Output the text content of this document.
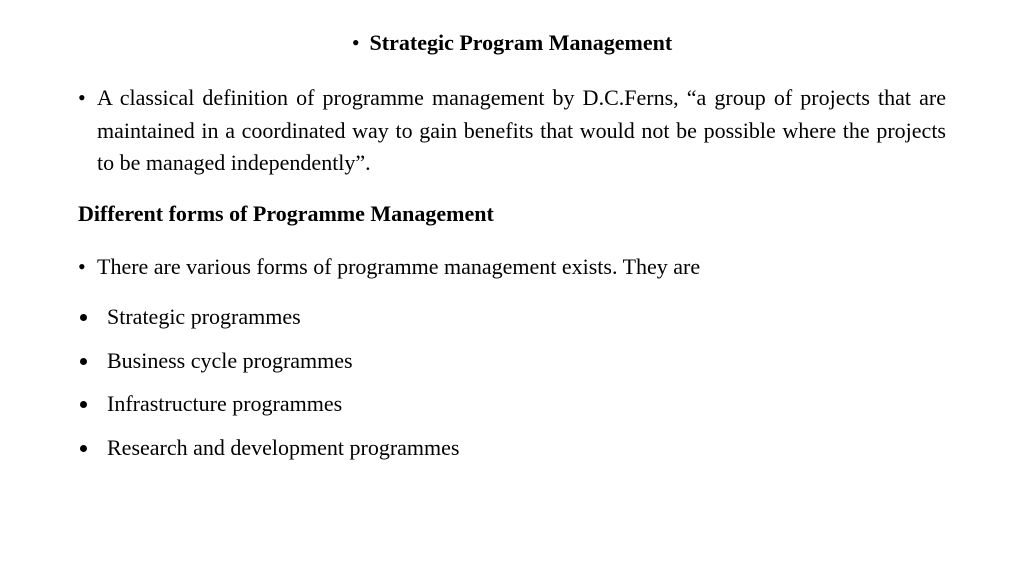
• Strategic Program Management
• A classical definition of programme management by D.C.Ferns, “a group of projects that are maintained in a coordinated way to gain benefits that would not be possible where the projects to be managed independently”.
Different forms of Programme Management
• There are various forms of programme management exists. They are
Strategic programmes
Business cycle programmes
Infrastructure programmes
Research and development programmes
